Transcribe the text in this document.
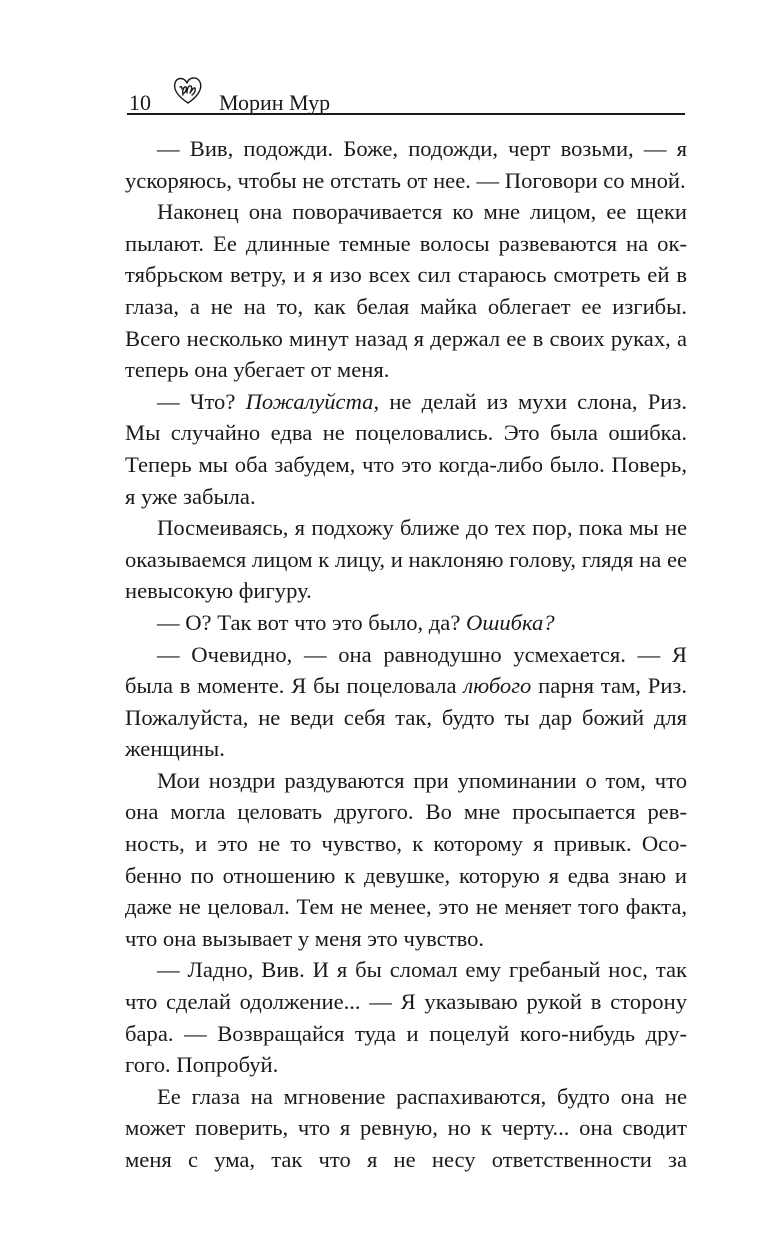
10	Морин Мур

— Вив, подожди. Боже, подожди, черт возьми, — я ускоряюсь, чтобы не отстать от нее. — Поговори со мной.

Наконец она поворачивается ко мне лицом, ее щеки пылают. Ее длинные темные волосы развеваются на октябрьском ветру, и я изо всех сил стараюсь смотреть ей в глаза, а не на то, как белая майка облегает ее изгибы. Всего несколько минут назад я держал ее в своих руках, а теперь она убегает от меня.

— Что? Пожалуйста, не делай из мухи слона, Риз. Мы случайно едва не поцеловались. Это была ошибка. Теперь мы оба забудем, что это когда-либо было. Поверь, я уже забыла.

Посмеиваясь, я подхожу ближе до тех пор, пока мы не оказываемся лицом к лицу, и наклоняю голову, глядя на ее невысокую фигуру.

— О? Так вот что это было, да? Ошибка?

— Очевидно, — она равнодушно усмехается. — Я была в моменте. Я бы поцеловала любого парня там, Риз. Пожалуйста, не веди себя так, будто ты дар божий для женщины.

Мои ноздри раздуваются при упоминании о том, что она могла целовать другого. Во мне просыпается ревность, и это не то чувство, к которому я привык. Особенно по отношению к девушке, которую я едва знаю и даже не целовал. Тем не менее, это не меняет того факта, что она вызывает у меня это чувство.

— Ладно, Вив. И я бы сломал ему гребаный нос, так что сделай одолжение... — Я указываю рукой в сторону бара. — Возвращайся туда и поцелуй кого-нибудь другого. Попробуй.

Ее глаза на мгновение распахиваются, будто она не может поверить, что я ревную, но к черту... она сводит меня с ума, так что я не несу ответственности за
